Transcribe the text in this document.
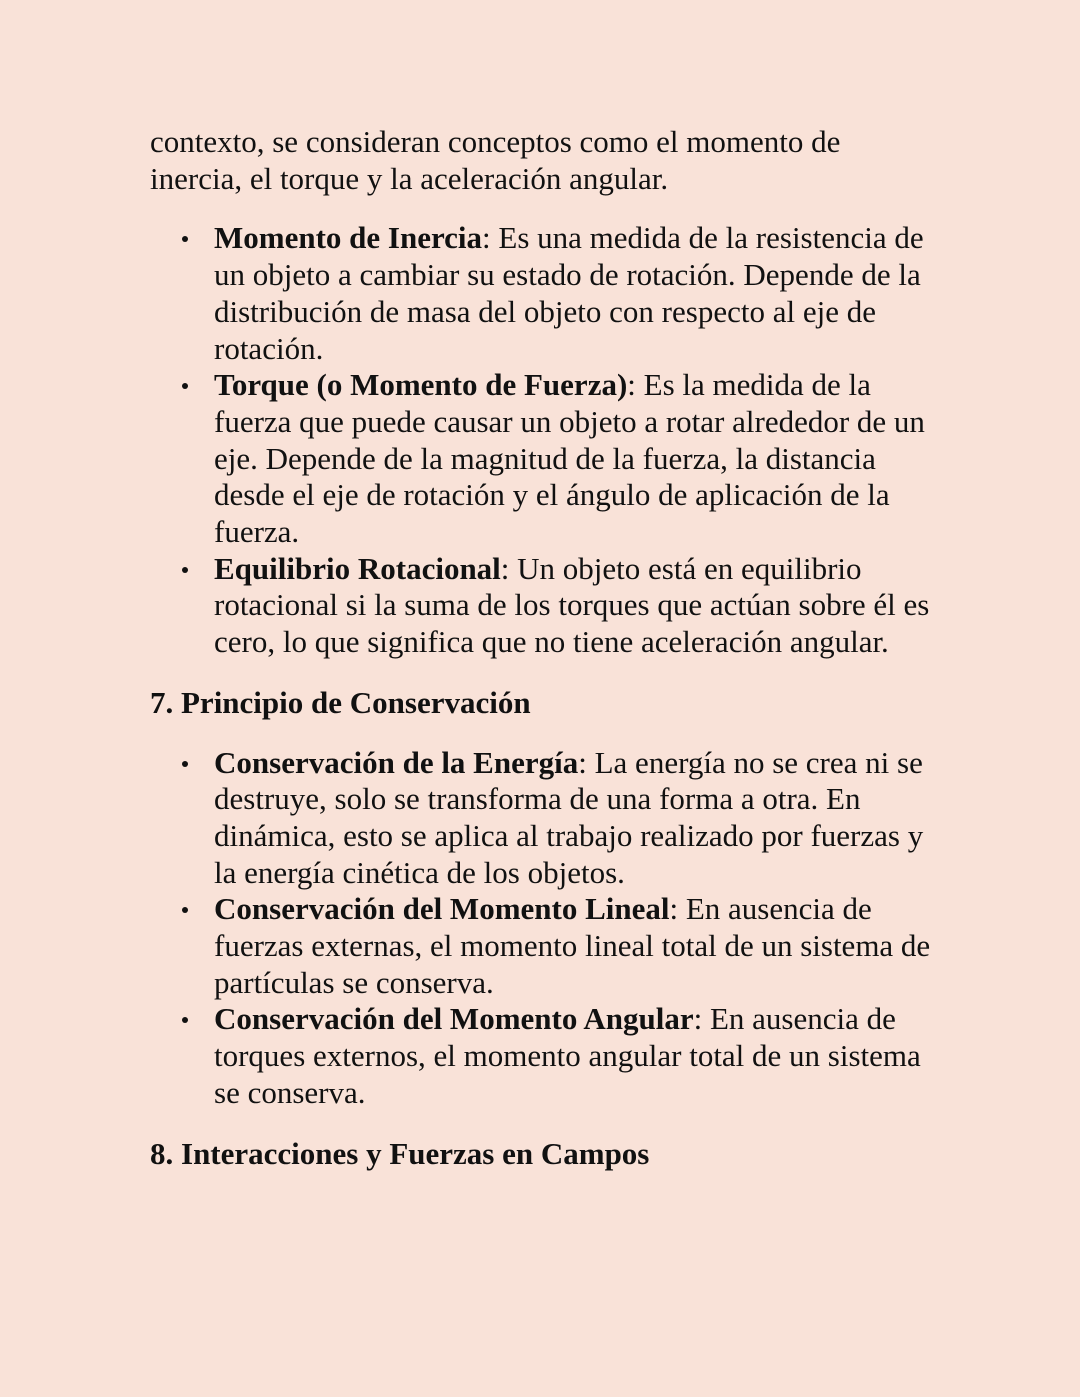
contexto, se consideran conceptos como el momento de inercia, el torque y la aceleración angular.

Momento de Inercia: Es una medida de la resistencia de un objeto a cambiar su estado de rotación. Depende de la distribución de masa del objeto con respecto al eje de rotación.
Torque (o Momento de Fuerza): Es la medida de la fuerza que puede causar un objeto a rotar alrededor de un eje. Depende de la magnitud de la fuerza, la distancia desde el eje de rotación y el ángulo de aplicación de la fuerza.
Equilibrio Rotacional: Un objeto está en equilibrio rotacional si la suma de los torques que actúan sobre él es cero, lo que significa que no tiene aceleración angular.
7. Principio de Conservación
Conservación de la Energía: La energía no se crea ni se destruye, solo se transforma de una forma a otra. En dinámica, esto se aplica al trabajo realizado por fuerzas y la energía cinética de los objetos.
Conservación del Momento Lineal: En ausencia de fuerzas externas, el momento lineal total de un sistema de partículas se conserva.
Conservación del Momento Angular: En ausencia de torques externos, el momento angular total de un sistema se conserva.
8. Interacciones y Fuerzas en Campos
